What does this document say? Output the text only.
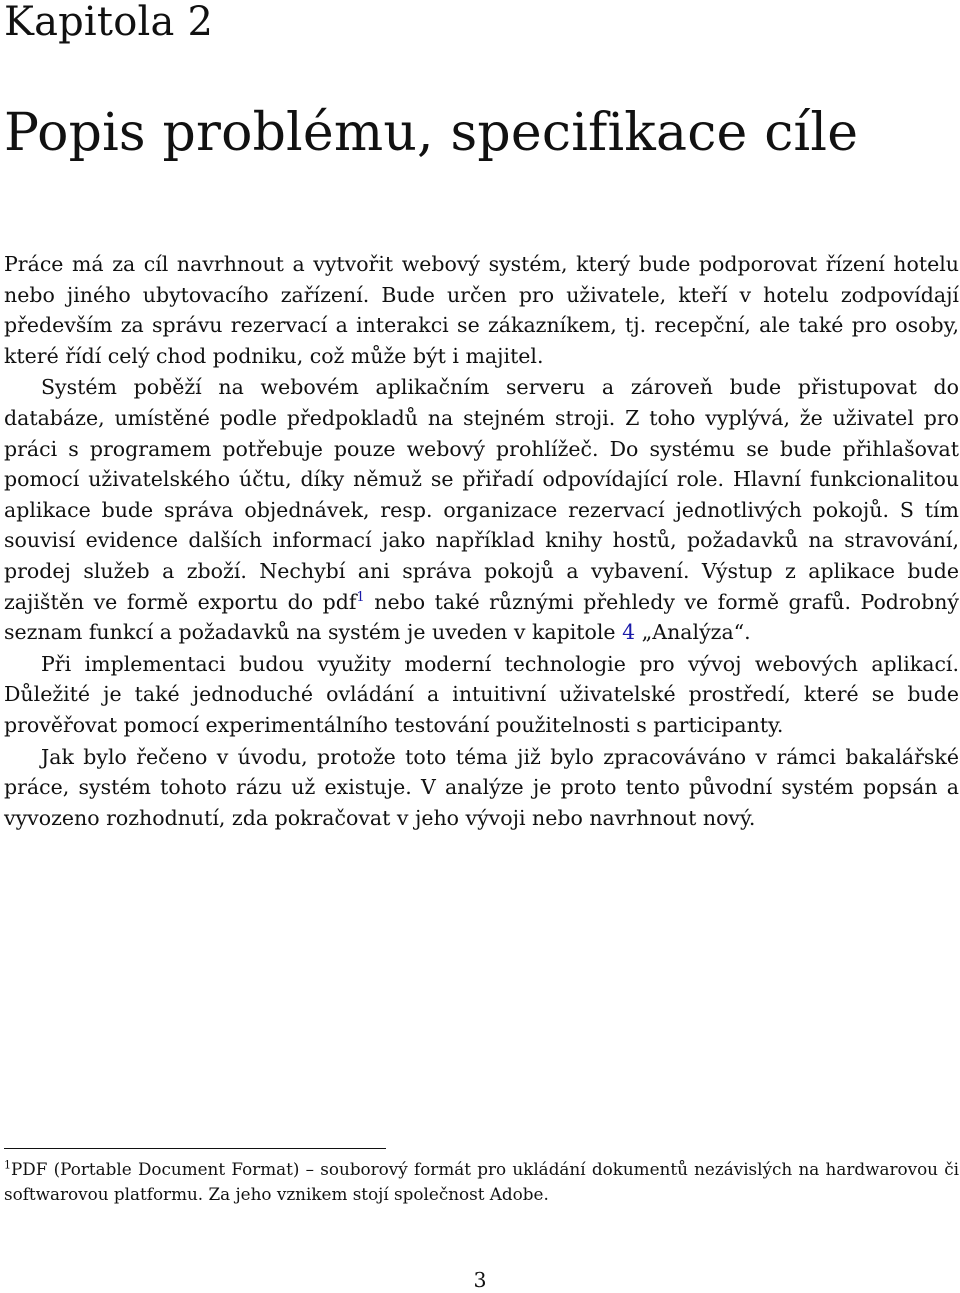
Kapitola 2
Popis problému, specifikace cíle

Práce má za cíl navrhnout a vytvořit webový systém, který bude podporovat řízení hotelu nebo jiného ubytovacího zařízení. Bude určen pro uživatele, kteří v hotelu zodpovídají především za správu rezervací a interakci se zákazníkem, tj. recepční, ale také pro osoby, které řídí celý chod podniku, což může být i majitel.

Systém poběží na webovém aplikačním serveru a zároveň bude přistupovat do databáze, umístěné podle předpokladů na stejném stroji. Z toho vyplývá, že uživatel pro práci s programem potřebuje pouze webový prohlížeč. Do systému se bude přihlašovat pomocí uživatelského účtu, díky němuž se přiřadí odpovídající role. Hlavní funkcionalitou aplikace bude správa objednávek, resp. organizace rezervací jednotlivých pokojů. S tím souvisí evidence dalších informací jako například knihy hostů, požadavků na stravování, prodej služeb a zboží. Nechybí ani správa pokojů a vybavení. Výstup z aplikace bude zajištěn ve formě exportu do pdf$^1$ nebo také různými přehledy ve formě grafů. Podrobný seznam funkcí a požadavků na systém je uveden v kapitole 4 „Analýza“.

Při implementaci budou využity moderní technologie pro vývoj webových aplikací. Důležité je také jednoduché ovládání a intuitivní uživatelské prostředí, které se bude prověřovat pomocí experimentálního testování použitelnosti s participanty.

Jak bylo řečeno v úvodu, protože toto téma již bylo zpracováváno v rámci bakalářské práce, systém tohoto rázu už existuje. V analýze je proto tento původní systém popsán a vyvozeno rozhodnutí, zda pokračovat v jeho vývoji nebo navrhnout nový.

$^1$PDF (Portable Document Format) – souborový formát pro ukládání dokumentů nezávislých na hardwarovou či softwarovou platformu. Za jeho vznikem stojí společnost Adobe.
3
